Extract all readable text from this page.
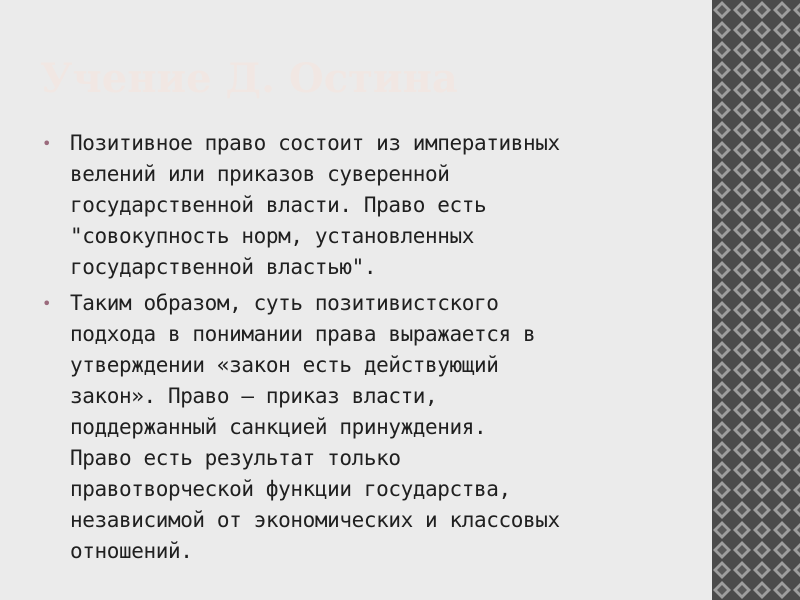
Учение Д. Остина
• Позитивное право состоит из императивных
велений или приказов суверенной
государственной власти. Право есть
"совокупность норм, установленных
государственной властью".
• Таким образом, суть позитивистского
подхода в понимании права выражается в
утверждении «закон есть действующий
закон». Право – приказ власти,
поддержанный санкцией принуждения.
Право есть результат только
правотворческой функции государства,
независимой от экономических и классовых
отношений.
